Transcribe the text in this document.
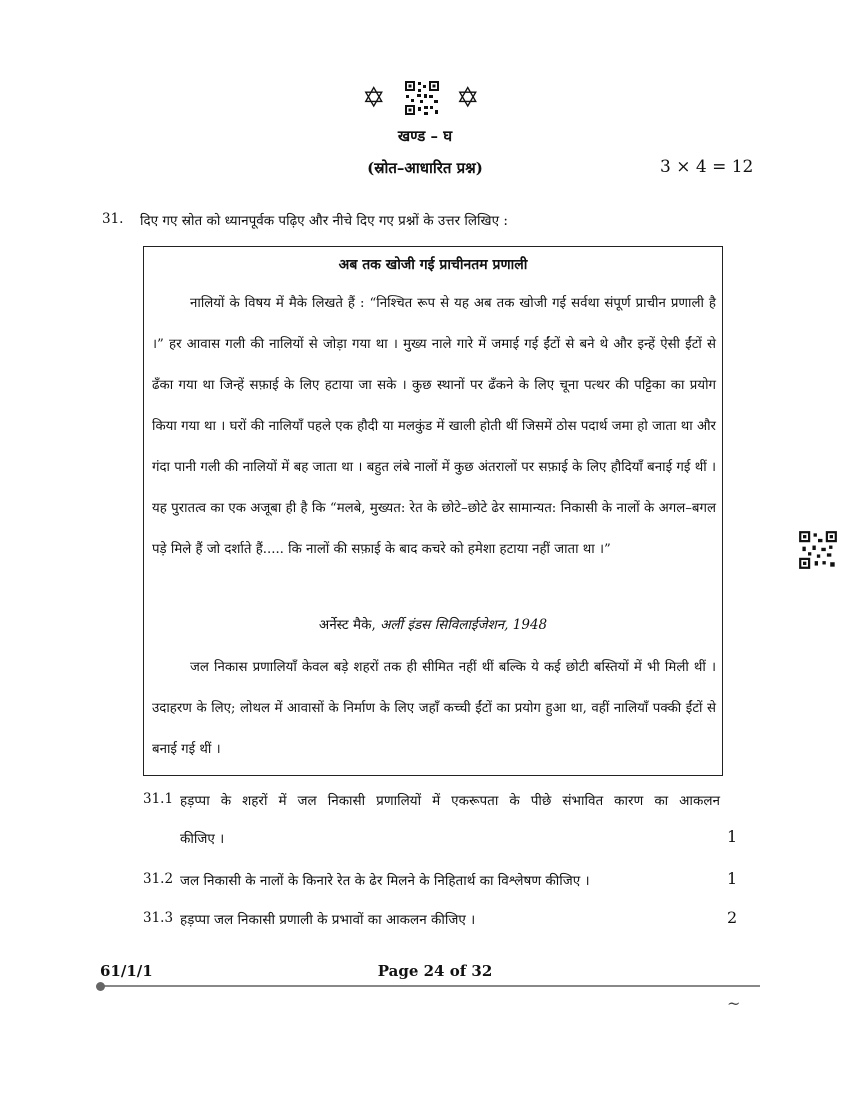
✡	✡
खण्ड – घ
(स्रोत–आधारित प्रश्न)	3 × 4 = 12
31. दिए गए स्रोत को ध्यानपूर्वक पढ़िए और नीचे दिए गए प्रश्नों के उत्तर लिखिए :
अब तक खोजी गई प्राचीनतम प्रणाली
नालियों के विषय में मैके लिखते हैं : “निश्चित रूप से यह अब तक खोजी गई सर्वथा संपूर्ण प्राचीन प्रणाली है ।” हर आवास गली की नालियों से जोड़ा गया था । मुख्य नाले गारे में जमाई गई ईंटों से बने थे और इन्हें ऐसी ईंटों से ढँका गया था जिन्हें सफ़ाई के लिए हटाया जा सके । कुछ स्थानों पर ढँकने के लिए चूना पत्थर की पट्टिका का प्रयोग किया गया था । घरों की नालियाँ पहले एक हौदी या मलकुंड में खाली होती थीं जिसमें ठोस पदार्थ जमा हो जाता था और गंदा पानी गली की नालियों में बह जाता था । बहुत लंबे नालों में कुछ अंतरालों पर सफ़ाई के लिए हौदियाँ बनाई गई थीं । यह पुरातत्व का एक अजूबा ही है कि “मलबे, मुख्यत: रेत के छोटे–छोटे ढेर सामान्यत: निकासी के नालों के अगल–बगल पड़े मिले हैं जो दर्शाते हैं..... कि नालों की सफ़ाई के बाद कचरे को हमेशा हटाया नहीं जाता था ।”
अर्नेस्ट मैके, अर्ली इंडस सिविलाईजेशन, 1948
जल निकास प्रणालियाँ केवल बड़े शहरों तक ही सीमित नहीं थीं बल्कि ये कई छोटी बस्तियों में भी मिली थीं । उदाहरण के लिए; लोथल में आवासों के निर्माण के लिए जहाँ कच्ची ईंटों का प्रयोग हुआ था, वहीं नालियाँ पक्की ईंटों से बनाई गई थीं ।
31.1 हड़प्पा के शहरों में जल निकासी प्रणालियों में एकरूपता के पीछे संभावित कारण का आकलन
कीजिए ।	1
31.2 जल निकासी के नालों के किनारे रेत के ढेर मिलने के निहितार्थ का विश्लेषण कीजिए ।	1
31.3 हड़प्पा जल निकासी प्रणाली के प्रभावों का आकलन कीजिए ।	2
61/1/1	Page 24 of 32
~
